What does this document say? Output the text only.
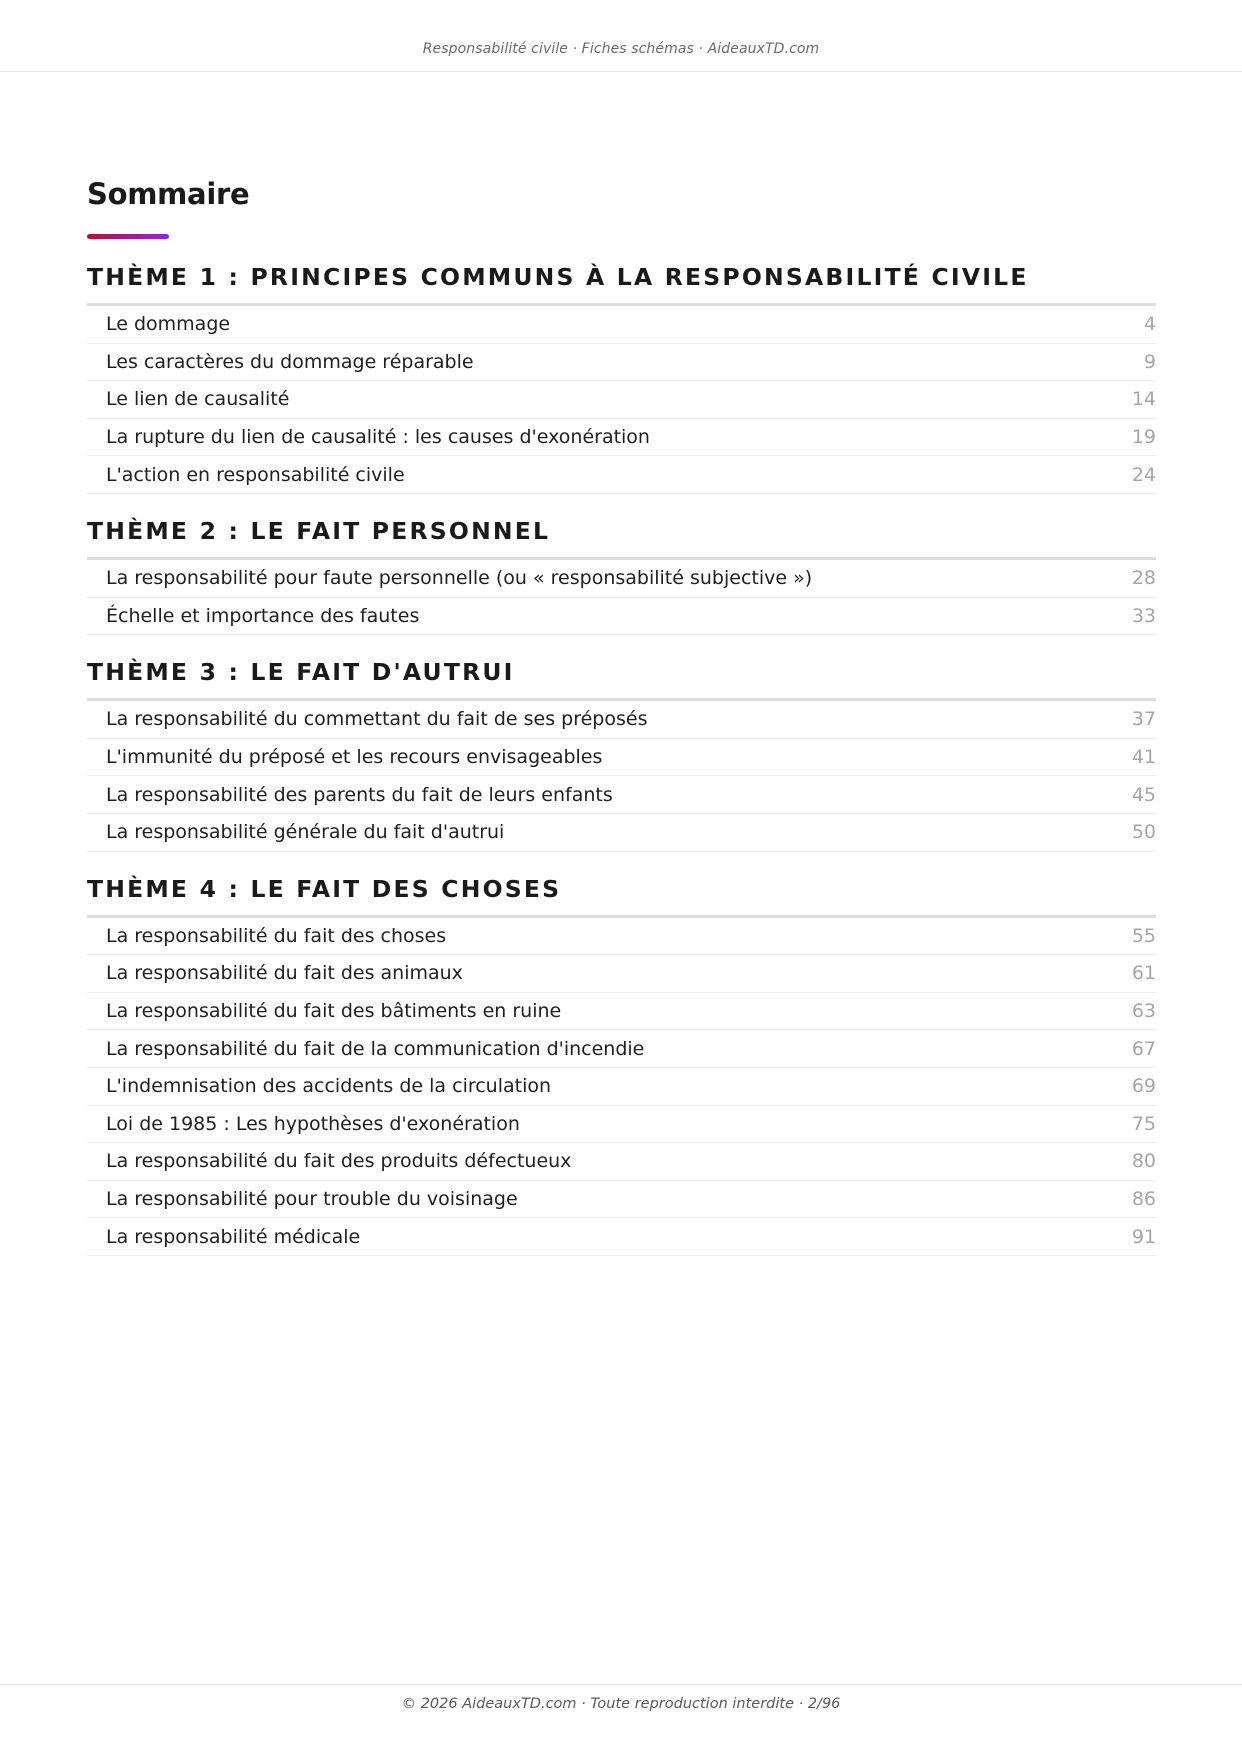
Responsabilité civile · Fiches schémas · AideauxTD.com
Sommaire
THÈME 1 : PRINCIPES COMMUNS À LA RESPONSABILITÉ CIVILE
Le dommage	4
Les caractères du dommage réparable	9
Le lien de causalité	14
La rupture du lien de causalité : les causes d'exonération	19
L'action en responsabilité civile	24
THÈME 2 : LE FAIT PERSONNEL
La responsabilité pour faute personnelle (ou « responsabilité subjective »)	28
Échelle et importance des fautes	33
THÈME 3 : LE FAIT D'AUTRUI
La responsabilité du commettant du fait de ses préposés	37
L'immunité du préposé et les recours envisageables	41
La responsabilité des parents du fait de leurs enfants	45
La responsabilité générale du fait d'autrui	50
THÈME 4 : LE FAIT DES CHOSES
La responsabilité du fait des choses	55
La responsabilité du fait des animaux	61
La responsabilité du fait des bâtiments en ruine	63
La responsabilité du fait de la communication d'incendie	67
L'indemnisation des accidents de la circulation	69
Loi de 1985 : Les hypothèses d'exonération	75
La responsabilité du fait des produits défectueux	80
La responsabilité pour trouble du voisinage	86
La responsabilité médicale	91
© 2026 AideauxTD.com · Toute reproduction interdite · 2/96
